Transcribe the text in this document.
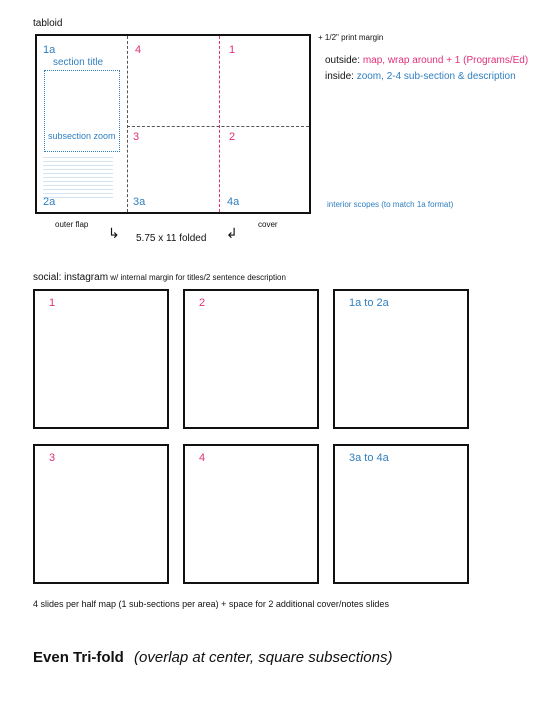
tabloid
1a
section title
subsection zoom
4	1
3	2
2a	3a	4a
+ 1/2" print margin
outside: map, wrap around + 1 (Programs/Ed)
inside: zoom, 2-4 sub-section & description
interior scopes (to match 1a format)
outer flap	cover
↳	↲
5.75 x 11 folded
social: instagram w/ internal margin for titles/2 sentence description
1	2	1a to 2a
3	4	3a to 4a
4 slides per half map (1 sub-sections per area) + space for 2 additional cover/notes slides
Even Tri-fold (overlap at center, square subsections)
